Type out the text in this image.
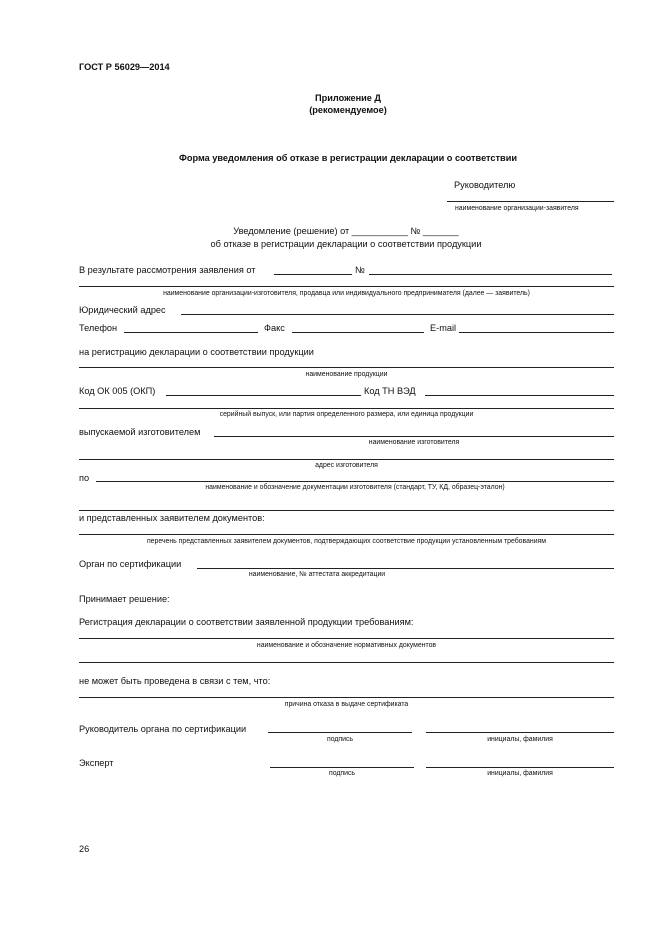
ГОСТ Р 56029—2014
Приложение Д
(рекомендуемое)
Форма уведомления об отказе в регистрации декларации о соответствии
Руководителю
наименование организации-заявителя
Уведомление (решение) от ___________ № _______
об отказе в регистрации декларации о соответствии продукции
В результате рассмотрения заявления от	№
наименование организации-изготовителя, продавца или индивидуального предпринимателя (далее — заявитель)
Юридический адрес
Телефон	Факс	E-mail
на регистрацию декларации о соответствии продукции
наименование продукции
Код ОК 005 (ОКП)	Код ТН ВЭД
серийный выпуск, или партия определенного размера, или единица продукции
выпускаемой изготовителем
наименование изготовителя
адрес изготовителя
по
наименование и обозначение документации изготовителя (стандарт, ТУ, КД, образец-эталон)
и представленных заявителем документов:
перечень представленных заявителем документов, подтверждающих соответствие продукции установленным требованиям
Орган по сертификации
наименование, № аттестата аккредитации
Принимает решение:
Регистрация декларации о соответствии заявленной продукции требованиям:
наименование и обозначение нормативных документов
не может быть проведена в связи с тем, что:
причина отказа в выдаче сертификата
Руководитель органа по сертификации
подпись	инициалы, фамилия
Эксперт
подпись	инициалы, фамилия
26
